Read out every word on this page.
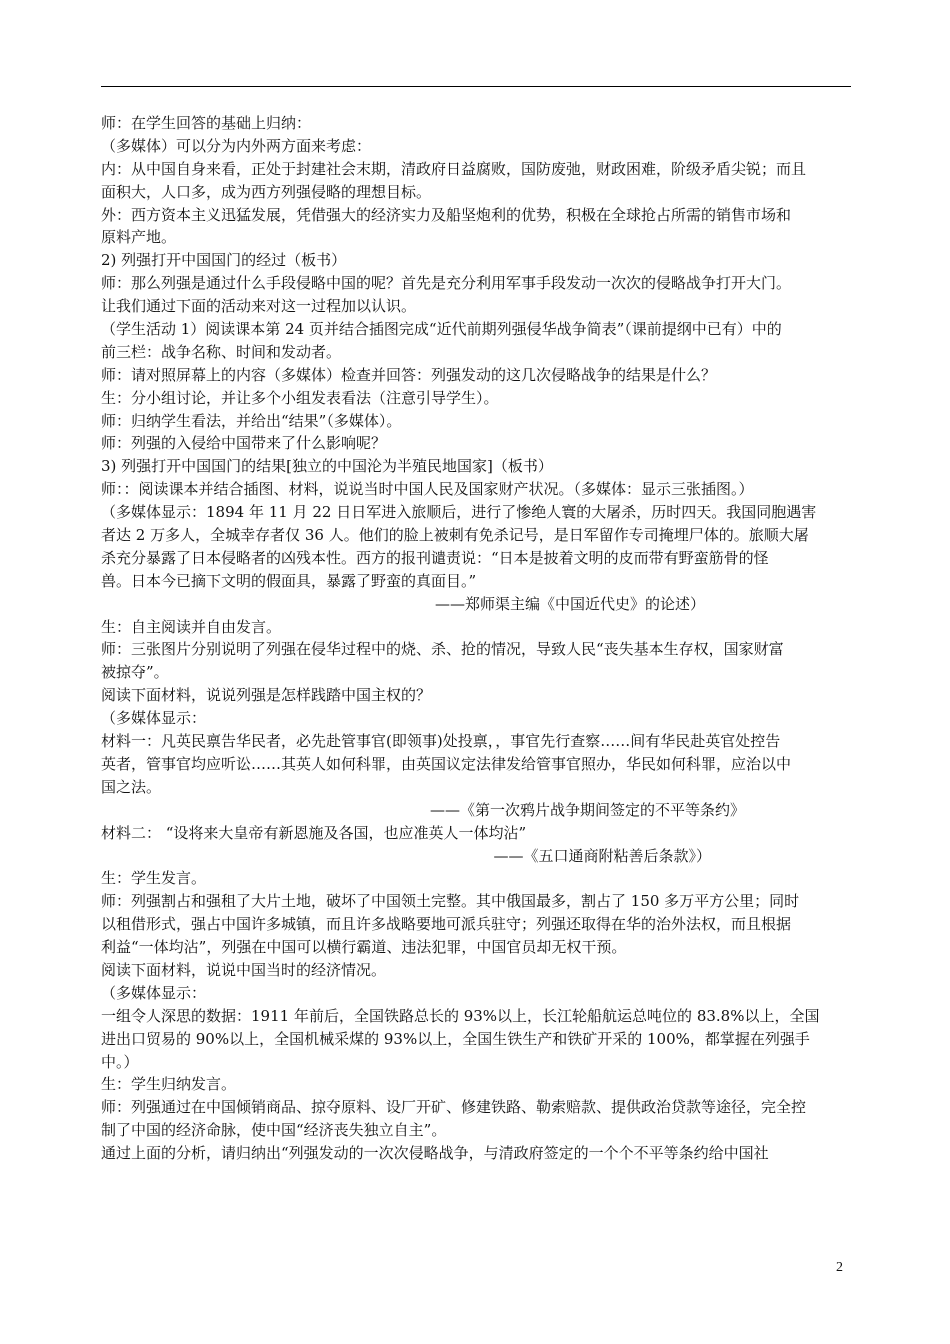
师：在学生回答的基础上归纳：
（多媒体）可以分为内外两方面来考虑：
内：从中国自身来看，正处于封建社会末期，清政府日益腐败，国防废弛，财政困难，阶级矛盾尖锐；而且
面积大，人口多，成为西方列强侵略的理想目标。
外：西方资本主义迅猛发展，凭借强大的经济实力及船坚炮利的优势，积极在全球抢占所需的销售市场和
原料产地。
2) 列强打开中国国门的经过（板书）
师：那么列强是通过什么手段侵略中国的呢？首先是充分利用军事手段发动一次次的侵略战争打开大门。
让我们通过下面的活动来对这一过程加以认识。
（学生活动 1）阅读课本第 24 页并结合插图完成“近代前期列强侵华战争简表”（课前提纲中已有）中的
前三栏：战争名称、时间和发动者。
师：请对照屏幕上的内容（多媒体）检查并回答：列强发动的这几次侵略战争的结果是什么？
生：分小组讨论，并让多个小组发表看法（注意引导学生）。
师：归纳学生看法，并给出“结果”（多媒体）。
师：列强的入侵给中国带来了什么影响呢？
3) 列强打开中国国门的结果[独立的中国沦为半殖民地国家]（板书）
师：：阅读课本并结合插图、材料，说说当时中国人民及国家财产状况。（多媒体：显示三张插图。）
（多媒体显示：1894 年 11 月 22 日日军进入旅顺后，进行了惨绝人寰的大屠杀，历时四天。我国同胞遇害
者达 2 万多人，全城幸存者仅 36 人。他们的脸上被刺有免杀记号，是日军留作专司掩埋尸体的。旅顺大屠
杀充分暴露了日本侵略者的凶残本性。西方的报刊谴责说：“日本是披着文明的皮而带有野蛮筋骨的怪
兽。日本今已摘下文明的假面具，暴露了野蛮的真面目。”
——郑师渠主编《中国近代史》的论述）
生：自主阅读并自由发言。
师：三张图片分别说明了列强在侵华过程中的烧、杀、抢的情况，导致人民“丧失基本生存权，国家财富
被掠夺”。
阅读下面材料，说说列强是怎样践踏中国主权的？
（多媒体显示：
材料一：凡英民禀告华民者，必先赴管事官(即领事)处投禀，，事官先行查察……间有华民赴英官处控告
英者，管事官均应听讼……其英人如何科罪，由英国议定法律发给管事官照办，华民如何科罪，应治以中
国之法。
——《第一次鸦片战争期间签定的不平等条约》
材料二： “设将来大皇帝有新恩施及各国，也应准英人一体均沾”
——《五口通商附粘善后条款》）
生：学生发言。
师：列强割占和强租了大片土地，破坏了中国领土完整。其中俄国最多，割占了 150 多万平方公里；同时
以租借形式，强占中国许多城镇，而且许多战略要地可派兵驻守；列强还取得在华的治外法权，而且根据
利益“一体均沾”，列强在中国可以横行霸道、违法犯罪，中国官员却无权干预。
阅读下面材料，说说中国当时的经济情况。
（多媒体显示：
一组令人深思的数据：1911 年前后，全国铁路总长的 93%以上，长江轮船航运总吨位的 83.8%以上，全国
进出口贸易的 90%以上，全国机械采煤的 93%以上，全国生铁生产和铁矿开采的 100%，都掌握在列强手
中。）
生：学生归纳发言。
师：列强通过在中国倾销商品、掠夺原料、设厂开矿、修建铁路、勒索赔款、提供政治贷款等途径，完全控
制了中国的经济命脉，使中国“经济丧失独立自主”。
通过上面的分析，请归纳出“列强发动的一次次侵略战争，与清政府签定的一个个不平等条约给中国社
2
